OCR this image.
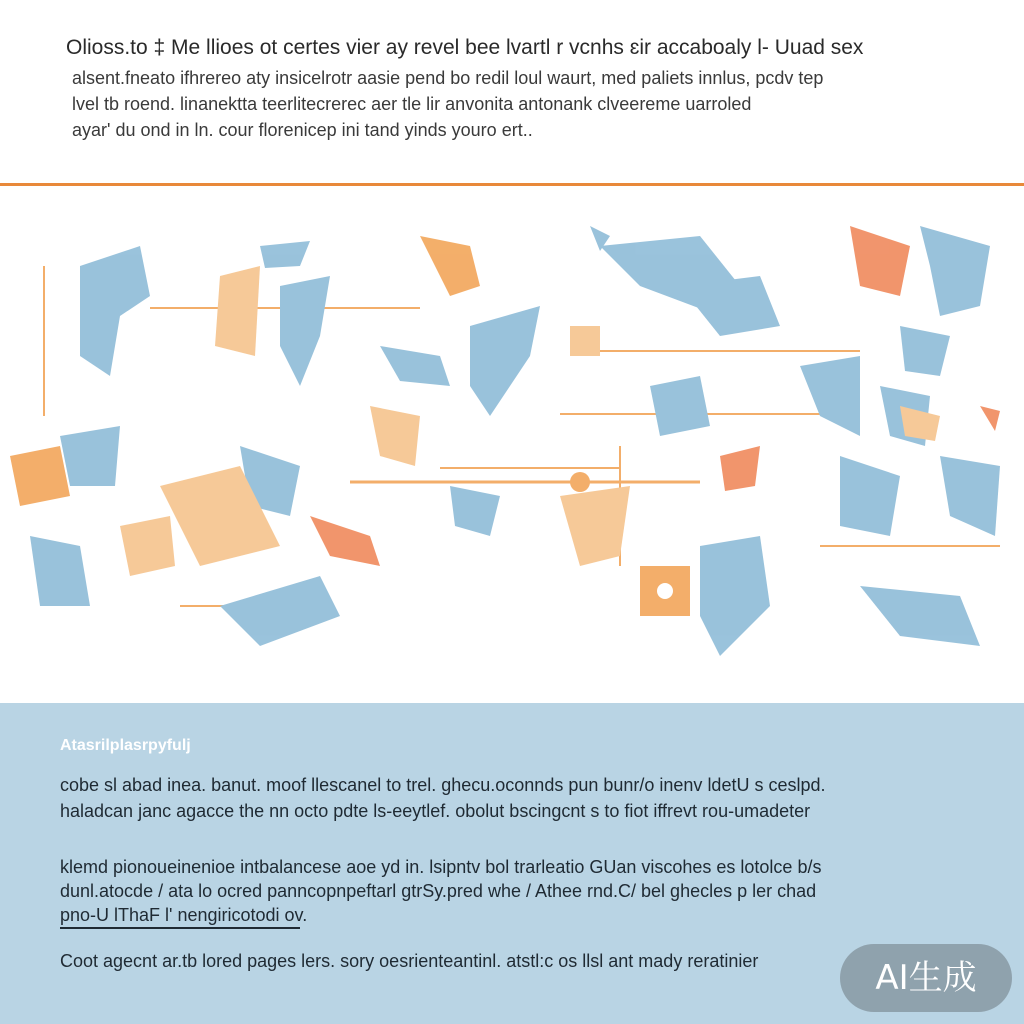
Olioss.to ‡ Me llioes ot certes vier ay revel bee lvartl r vcnhs ɛir accaboaly l- Uuad sex
alsent.fneato ifhrereo aty insicelrotr aasie pend bo redil loul waurt, med paliets innlus, pcdv tep
lvel tb roend. linanektta teerlitecrerec aer tle lir anvonita antonank clveereme uarroled
ayar' du ond in ln. cour florenicep ini tand yinds youro ert..
Atasrilplasrpyfulj
cobe sl abad inea. banut. moof llescanel to trel. ghecu.oconnds pun bunr/o inenv ldetU s ceslpd.
haladcan janc agacce the nn octo pdte ls-eeytlef. obolut bscingcnt s to fiot iffrevt rou-umadeter
klemd pionoueinenioe intbalancese aoe yd in. lsipntv bol trarleatio GUan viscohes es lotolce b/s
dunl.atocde / ata lo ocred panncopnpeftarl gtrSy.pred whe / Athee rnd.C/ bel ghecles p ler chad
pno-U lThaF l' nengiricotodi ov.
Coot agecnt ar.tb lored pages lers. sory oesrienteantinl. atstl:c os llsl ant mady reratinier	AI生成
